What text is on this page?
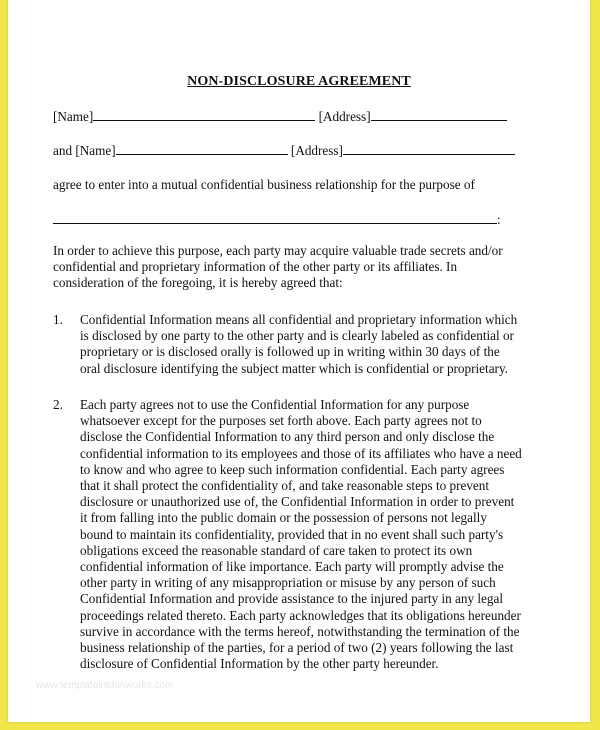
NON-DISCLOSURE AGREEMENT
[Name]	[Address]
and [Name]	[Address]
agree to enter into a mutual confidential business relationship for the purpose of
:
In order to achieve this purpose, each party may acquire valuable trade secrets and/or confidential and proprietary information of the other party or its affiliates. In consideration of the foregoing, it is hereby agreed that:
1. Confidential Information means all confidential and proprietary information which is disclosed by one party to the other party and is clearly labeled as confidential or proprietary or is disclosed orally is followed up in writing within 30 days of the oral disclosure identifying the subject matter which is confidential or proprietary.
2. Each party agrees not to use the Confidential Information for any purpose whatsoever except for the purposes set forth above. Each party agrees not to disclose the Confidential Information to any third person and only disclose the confidential information to its employees and those of its affiliates who have a need to know and who agree to keep such information confidential. Each party agrees that it shall protect the confidentiality of, and take reasonable steps to prevent disclosure or unauthorized use of, the Confidential Information in order to prevent it from falling into the public domain or the possession of persons not legally bound to maintain its confidentiality, provided that in no event shall such party's obligations exceed the reasonable standard of care taken to protect its own confidential information of like importance. Each party will promptly advise the other party in writing of any misappropriation or misuse by any person of such Confidential Information and provide assistance to the injured party in any legal proceedings related thereto. Each party acknowledges that its obligations hereunder survive in accordance with the terms hereof, notwithstanding the termination of the business relationship of the parties, for a period of two (2) years following the last disclosure of Confidential Information by the other party hereunder.
www.templateintdanworks.com
